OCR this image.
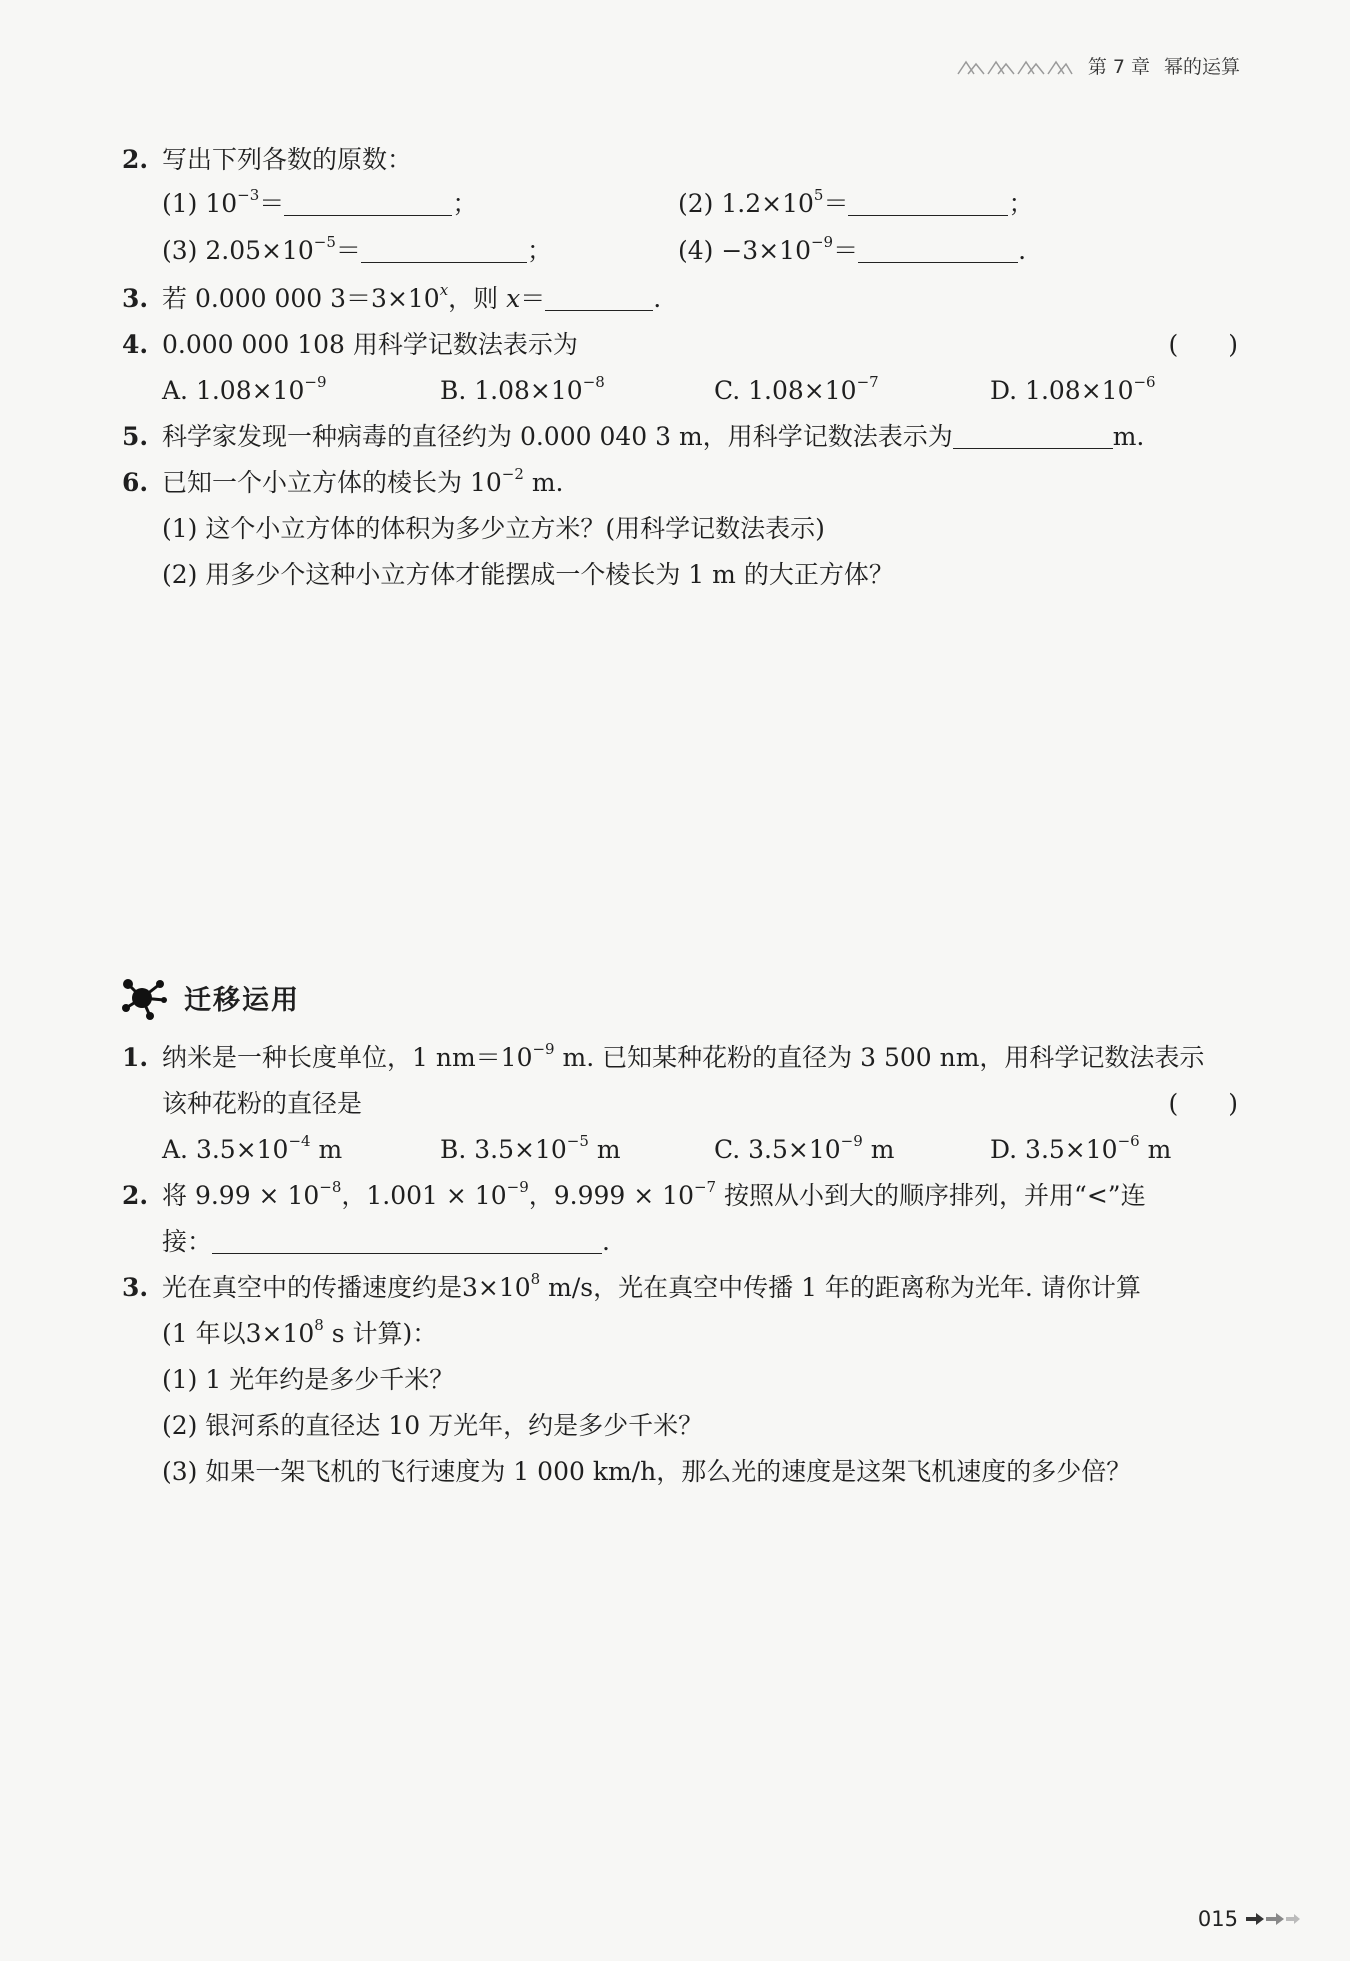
第 7 章 幂的运算
2. 写出下列各数的原数：
(1) $10^{-3}=$	；	(2) $1.2\times 10^5=$	；
(3) $2.05\times 10^{-5}=$	；	$(4) -3\times 10^{-9}=$	.
3. 若 0.000 000 $3=3\times 10^x$，则 x＝	.
4. 0.000 000 108 用科学记数法表示为	(　　)
A. $1.08\times 10^{-9}$	B. $1.08\times 10^{-8}$	C. $1.08\times 10^{-7}$	D. $1.08\times 10^{-6}$
5. 科学家发现一种病毒的直径约为 0.000 040 3 m，用科学记数法表示为	m.
6. 已知一个小立方体的棱长为 $10^{-2}$ m.
(1) 这个小立方体的体积为多少立方米？(用科学记数法表示)
(2) 用多少个这种小立方体才能摆成一个棱长为 1 m 的大正方体？
迁移运用
1. 纳米是一种长度单位，1 $nm=10^{-9}$ m. 已知某种花粉的直径为 3 500 nm，用科学记数法表示
该种花粉的直径是	(　　)
A. $3.5\times 10^{-4}$ m	B. $3.5\times 10^{-5}$ m	C. $3.5\times 10^{-9}$ m	D. $3.5\times 10^{-6}$ m
2. 将 $9.99 \times 10^{-8}$，$1.001 \times 10^{-9}$，$9.999 \times 10^{-7}$ 按照从小到大的顺序排列，并用“<”连
接：	.
3. 光在真空中的传播速度约是$3\times 10^8$ m/s，光在真空中传播 1 年的距离称为光年. 请你计算
(1 年以$3\times 10^8$ s 计算)：
(1) 1 光年约是多少千米？
(2) 银河系的直径达 10 万光年，约是多少千米？
(3) 如果一架飞机的飞行速度为 1 000 km/h，那么光的速度是这架飞机速度的多少倍？
015
